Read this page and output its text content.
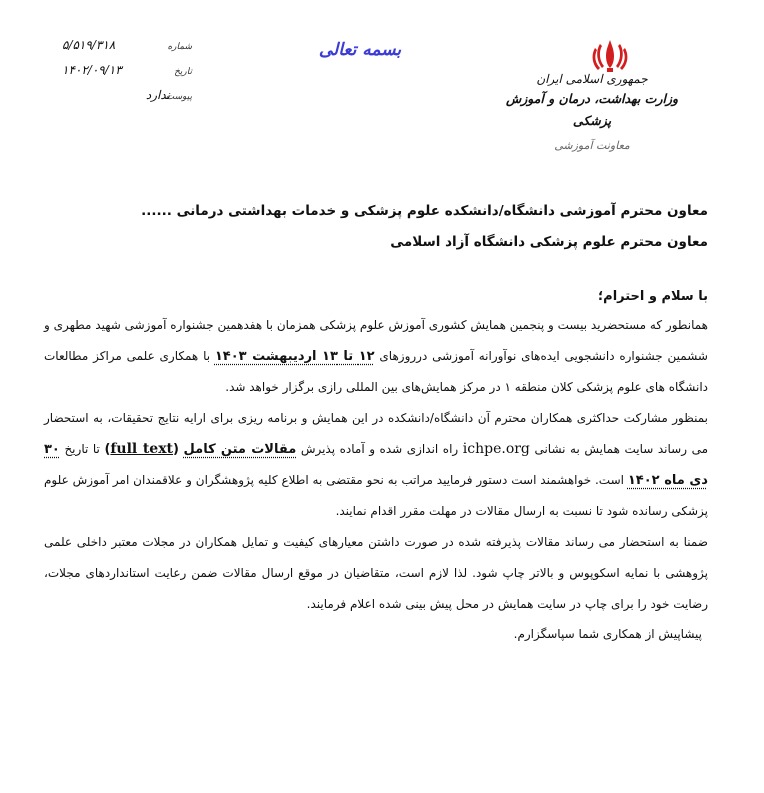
جمهوری اسلامی ایران
وزارت بهداشت، درمان و آموزش پزشکی
معاونت آموزشی
بسمه تعالی
شماره
۵/۵۱۹/۳۱۸
تاریخ
۱۴۰۲/۰۹/۱۳
پیوست
ندارد

معاون محترم آموزشی دانشگاه/دانشکده علوم پزشکی و خدمات بهداشتی درمانی ......

معاون محترم علوم پزشکی دانشگاه آزاد اسلامی

با سلام و احترام؛

همانطور که مستحضرید بیست و پنجمین همایش کشوری آموزش علوم پزشکی همزمان با هفدهمین جشنواره آموزشی شهید مطهری و ششمین جشنواره دانشجویی ایده‌های نوآورانه آموزشی درروزهای ۱۲ تا ۱۳ اردیبهشت ۱۴۰۳ با همکاری علمی مراکز مطالعات دانشگاه های علوم پزشکی کلان منطقه ۱ در مرکز همایش‌های بین المللی رازی برگزار خواهد شد.

بمنظور مشارکت حداکثری همکاران محترم آن دانشگاه/دانشکده در این همایش و برنامه ریزی برای ارایه نتایج تحقیقات، به استحضار می رساند سایت همایش به نشانی ichpe.org راه اندازی شده و آماده پذیرش مقالات متن کامل (full text) تا تاریخ ۳۰ دی ماه ۱۴۰۲ است. خواهشمند است دستور فرمایید مراتب به نحو مقتضی به اطلاع کلیه پژوهشگران و علاقمندان امر آموزش علوم پزشکی رسانده شود تا نسبت به ارسال مقالات در مهلت مقرر اقدام نمایند.

ضمنا به استحضار می رساند مقالات پذیرفته شده در صورت داشتن معیارهای کیفیت و تمایل همکاران در مجلات معتبر داخلی علمی پژوهشی با نمایه اسکوپوس و بالاتر چاپ شود. لذا لازم است، متقاضیان در موقع ارسال مقالات ضمن رعایت استانداردهای مجلات، رضایت خود را برای چاپ در سایت همایش در محل پیش بینی شده اعلام فرمایند.

پیشاپیش از همکاری شما سپاسگزارم.
